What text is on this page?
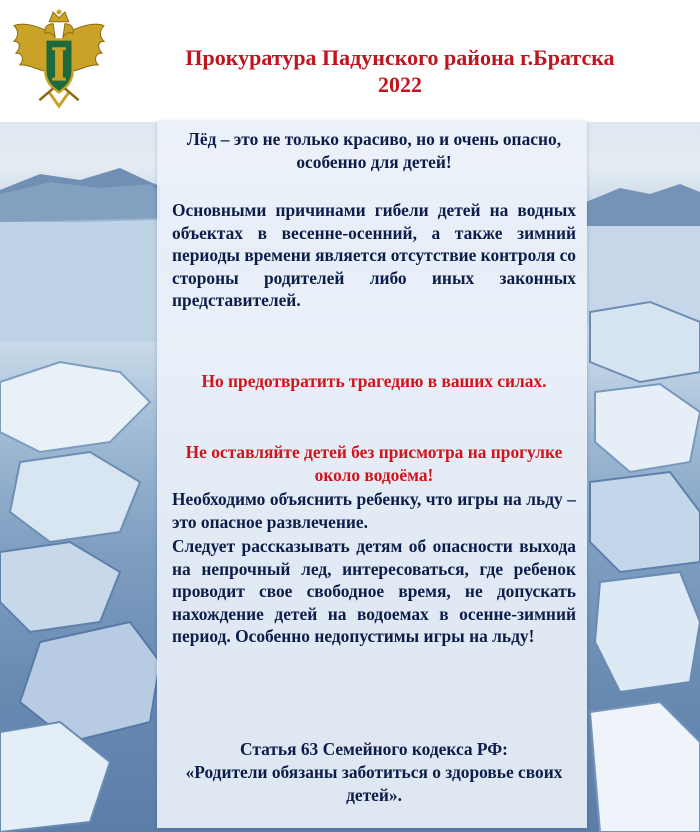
Прокуратура Падунского района г.Братска
2022

Лёд – это не только красиво, но и очень опасно, особенно для детей!

Основными причинами гибели детей на водных объектах в весенне-осенний, а также зимний периоды времени является отсутствие контроля со стороны родителей либо иных законных представителей.

Но предотвратить трагедию в ваших силах.

Не оставляйте детей без присмотра на прогулке около водоёма!

Необходимо объяснить ребенку, что игры на льду – это опасное развлечение.

Следует рассказывать детям об опасности выхода на непрочный лед, интересоваться, где ребенок проводит свое свободное время, не допускать нахождение детей на водоемах в осенне-зимний период. Особенно недопустимы игры на льду!

Статья 63 Семейного кодекса РФ:

«Родители обязаны заботиться о здоровье своих детей».
